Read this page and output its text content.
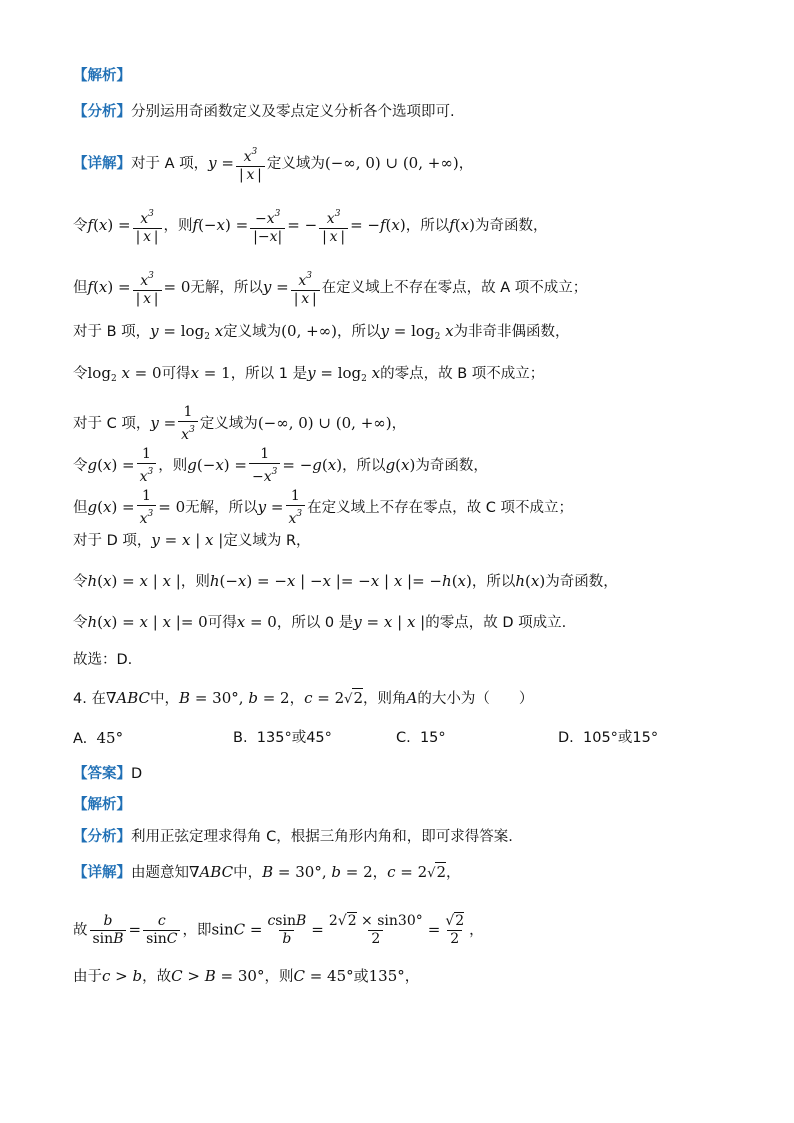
【解析】
【分析】分别运用奇函数定义及零点定义分析各个选项即可.
【详解】对于 A 项，$y = \frac{x^3}{| x |}$ 定义域为(−∞, 0) ∪ (0, +∞)，
令$f(x) = \frac{x^3}{| x |}$ ，则$f(-x) = \frac{-x^3}{|-x|}$ = − $\frac{x^3}{| x |} = -f(x)$，所以f(x)为奇函数，
但$f(x) = \frac{x^3}{| x |} = 0$无解，所以$y = \frac{x^3}{| x |}$ 在定义域上不存在零点，故 A 项不成立；
对于 B 项，$y = \log_2 x$定义域为(0, +∞)，所以$y = \log_2 x$为非奇非偶函数，
令$\log_2 x = 0$可得x = 1，所以 1 是$y = \log_2 x$的零点，故 B 项不成立；
对于 C 项，$y = \frac{1}{x^3}$ 定义域为(−∞, 0) ∪ (0, +∞)，
令$g(x) = \frac{1}{x^3}$ ，则$g(-x) = \frac{1}{-x^3} = -g(x)$，所以g(x)为奇函数，
但$g(x) = \frac{1}{x^3} = 0$无解，所以$y = \frac{1}{x^3}$ 在定义域上不存在零点，故 C 项不成立；
对于 D 项，y = x | x |定义域为 R，
令h(x) = x | x |，则h(−x) = −x | −x |= −x | x |= −h(x)，所以h(x)为奇函数，
令h(x) = x | x |= 0可得x = 0，所以 0 是y = x | x |的零点，故 D 项成立.
故选：D.
4. 在∇ABC中，B = 30°, b = 2，c = 2√2，则角A的大小为（　　）
A. 45°	B. 135°或45°	C. 15°	D. 105°或15°
【答案】D
【解析】
【分析】利用正弦定理求得角 C，根据三角形内角和，即可求得答案.
【详解】由题意知∇ABC中，B = 30°, b = 2，c = 2√2，
故 $\frac{b}{\sin B} = \frac{c}{\sin C}$ ，即$\sin C = \frac{csinB}{b} = \frac{2√2 \times \sin 30^\circ}{2} = \frac{√2}{2}$ ，
由于c > b，故C > B = 30°，则C = 45°或135°，
